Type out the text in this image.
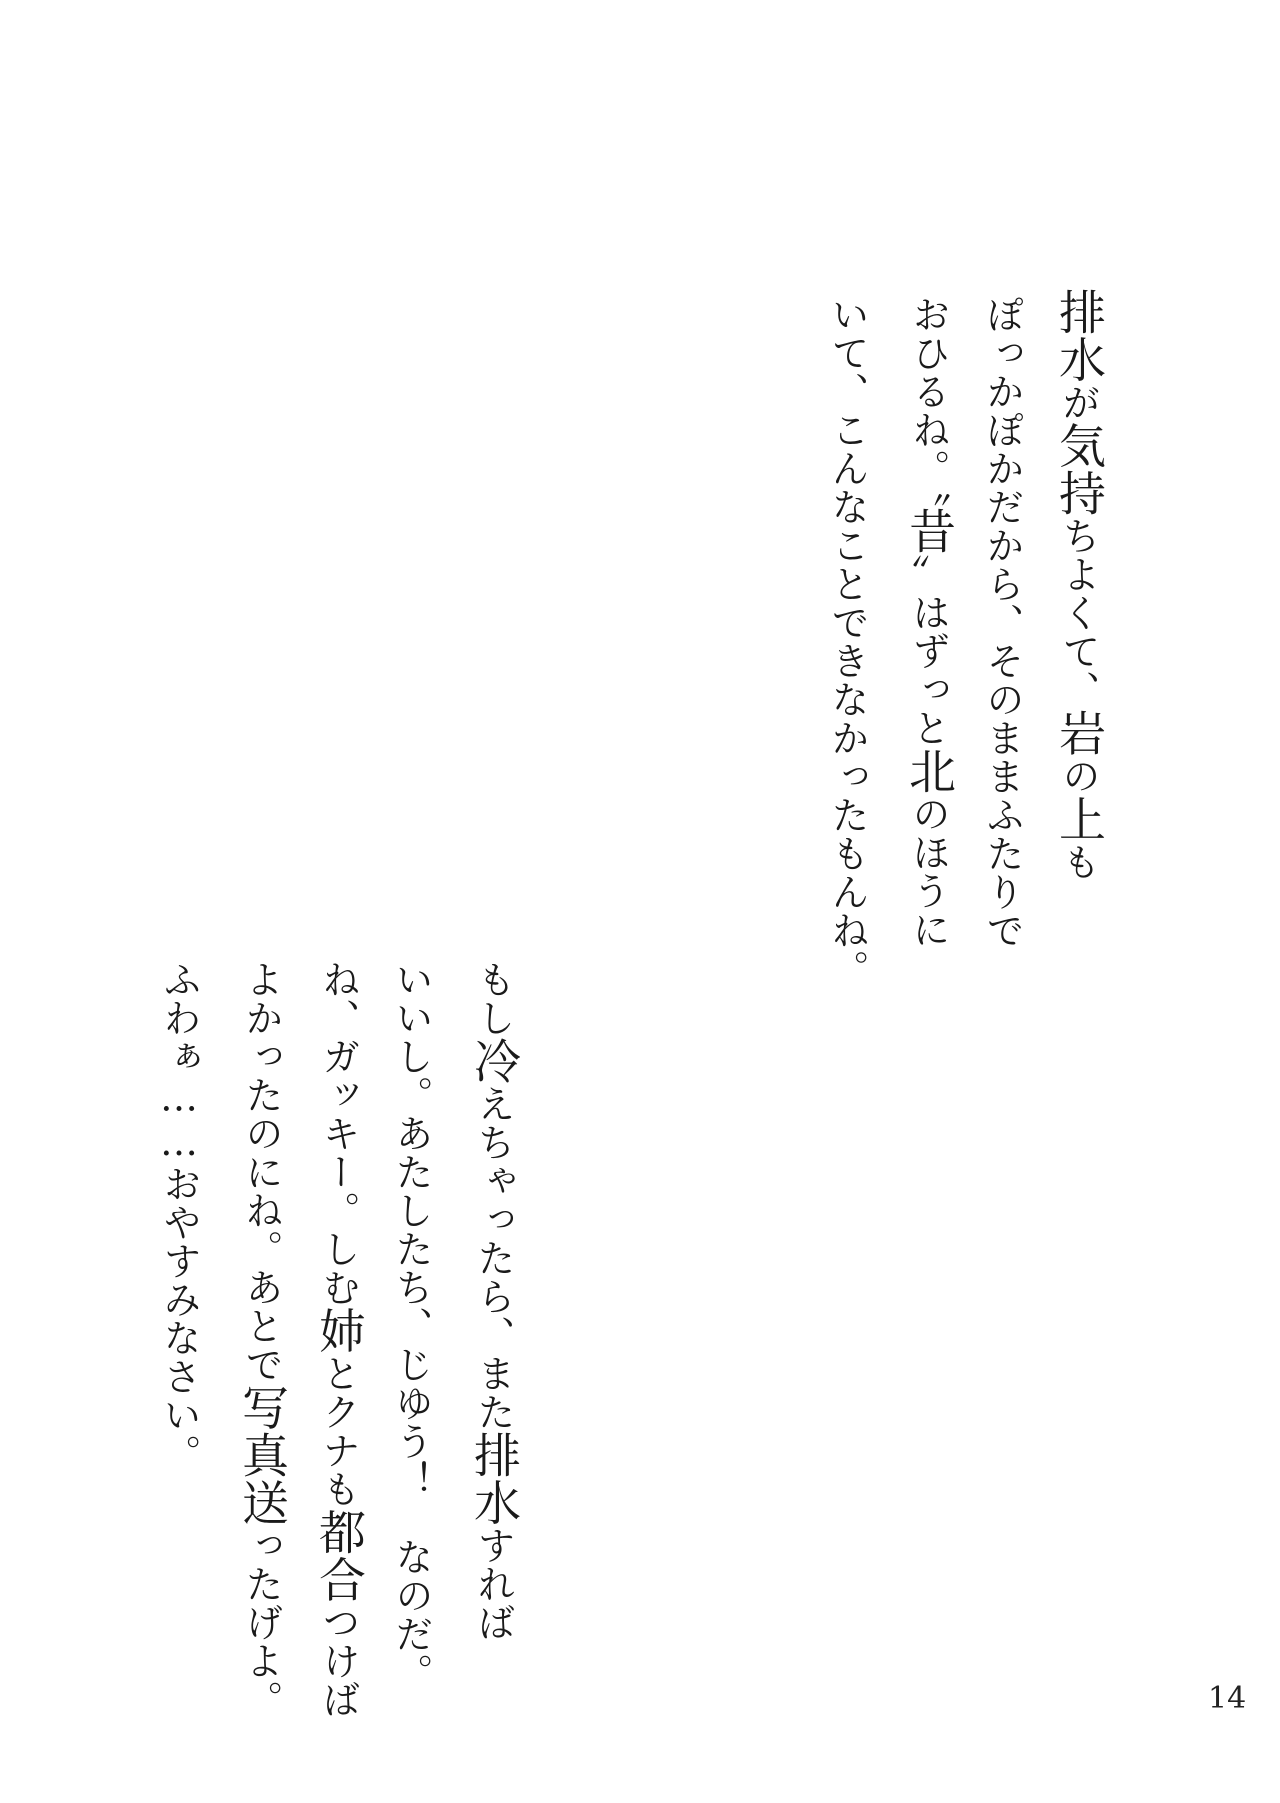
排水が気持ちよくて、岩の上も
ぽっかぽかだから、そのままふたりで
おひるね。〝昔〟はずっと北のほうに
いて、こんなことできなかったもんね。
もし冷えちゃったら、また排水すれば
いいし。あたしたち、じゆう！　なのだ。
ね、ガッキー。しむ姉とクナも都合つけば
よかったのにね。あとで写真送ったげよ。
ふわぁ……おやすみなさい。
14
